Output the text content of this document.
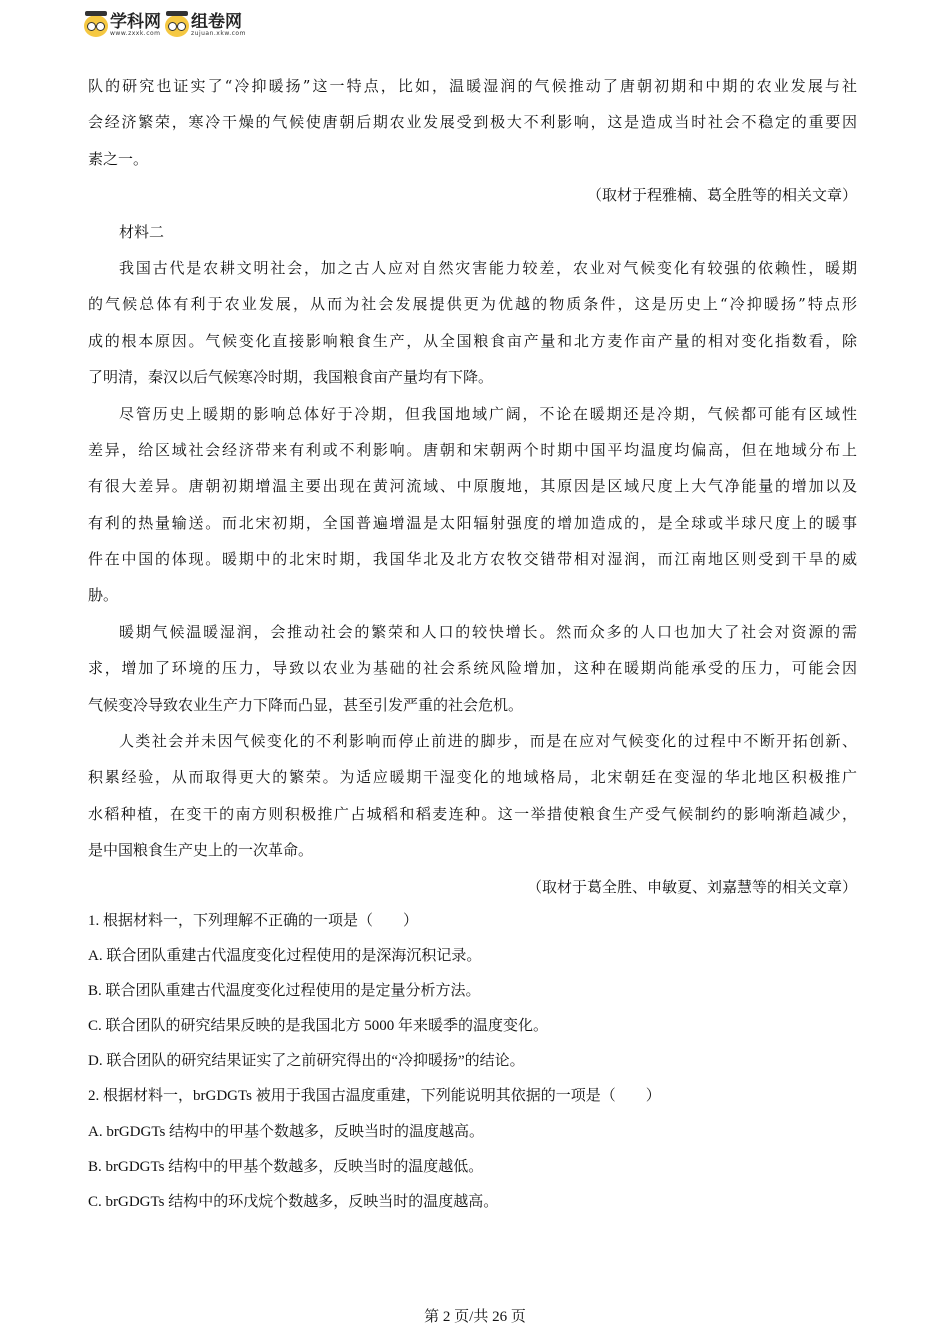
学科网
www.zxxk.com
组卷网
zujuan.xkw.com
队的研究也证实了“冷抑暖扬”这一特点，比如，温暖湿润的气候推动了唐朝初期和中期的农业发展与社
会经济繁荣，寒冷干燥的气候使唐朝后期农业发展受到极大不利影响，这是造成当时社会不稳定的重要因
素之一。
（取材于程雅楠、葛全胜等的相关文章）
材料二
我国古代是农耕文明社会，加之古人应对自然灾害能力较差，农业对气候变化有较强的依赖性，暖期
的气候总体有利于农业发展，从而为社会发展提供更为优越的物质条件，这是历史上“冷抑暖扬”特点形
成的根本原因。气候变化直接影响粮食生产，从全国粮食亩产量和北方麦作亩产量的相对变化指数看，除
了明清，秦汉以后气候寒冷时期，我国粮食亩产量均有下降。
尽管历史上暖期的影响总体好于冷期，但我国地域广阔，不论在暖期还是冷期，气候都可能有区域性
差异，给区域社会经济带来有利或不利影响。唐朝和宋朝两个时期中国平均温度均偏高，但在地域分布上
有很大差异。唐朝初期增温主要出现在黄河流域、中原腹地，其原因是区域尺度上大气净能量的增加以及
有利的热量输送。而北宋初期，全国普遍增温是太阳辐射强度的增加造成的，是全球或半球尺度上的暖事
件在中国的体现。暖期中的北宋时期，我国华北及北方农牧交错带相对湿润，而江南地区则受到干旱的威
胁。
暖期气候温暖湿润，会推动社会的繁荣和人口的较快增长。然而众多的人口也加大了社会对资源的需
求，增加了环境的压力，导致以农业为基础的社会系统风险增加，这种在暖期尚能承受的压力，可能会因
气候变冷导致农业生产力下降而凸显，甚至引发严重的社会危机。
人类社会并未因气候变化的不利影响而停止前进的脚步，而是在应对气候变化的过程中不断开拓创新、
积累经验，从而取得更大的繁荣。为适应暖期干湿变化的地域格局，北宋朝廷在变湿的华北地区积极推广
水稻种植，在变干的南方则积极推广占城稻和稻麦连种。这一举措使粮食生产受气候制约的影响渐趋减少，
是中国粮食生产史上的一次革命。
（取材于葛全胜、申敏夏、刘嘉慧等的相关文章）
1. 根据材料一，下列理解不正确的一项是（　　）
A. 联合团队重建古代温度变化过程使用的是深海沉积记录。
B. 联合团队重建古代温度变化过程使用的是定量分析方法。
C. 联合团队的研究结果反映的是我国北方 5000 年来暖季的温度变化。
D. 联合团队的研究结果证实了之前研究得出的“冷抑暖扬”的结论。
2. 根据材料一，brGDGTs 被用于我国古温度重建，下列能说明其依据的一项是（　　）
A. brGDGTs 结构中的甲基个数越多，反映当时的温度越高。
B. brGDGTs 结构中的甲基个数越多，反映当时的温度越低。
C. brGDGTs 结构中的环戊烷个数越多，反映当时的温度越高。
第 2 页/共 26 页
